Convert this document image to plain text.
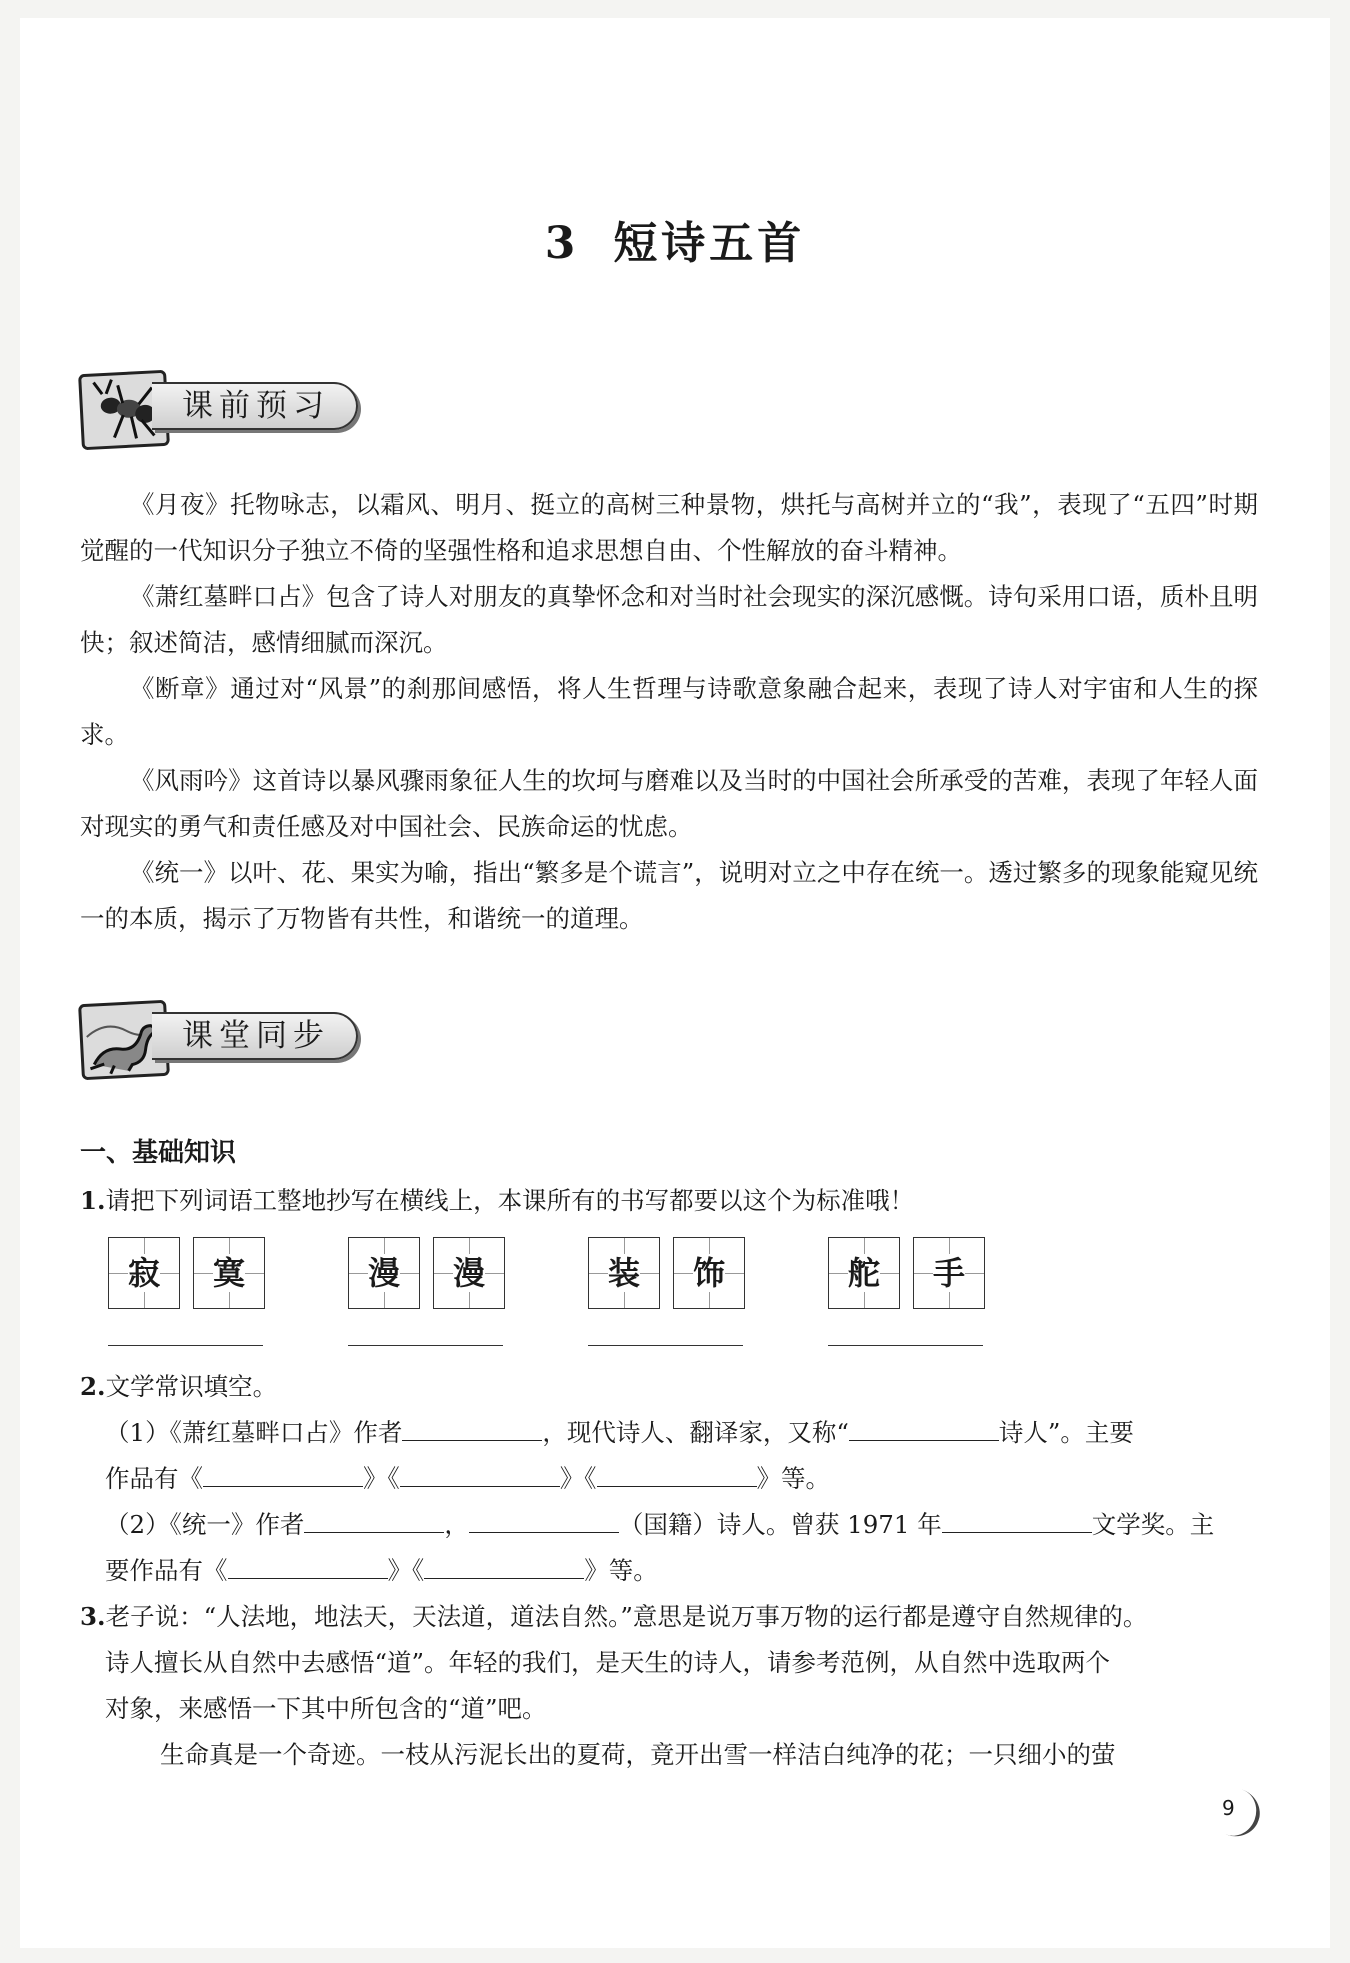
3 短诗五首
课前预习

《月夜》托物咏志，以霜风、明月、挺立的高树三种景物，烘托与高树并立的“我”，表现了“五四”时期觉醒的一代知识分子独立不倚的坚强性格和追求思想自由、个性解放的奋斗精神。

《萧红墓畔口占》包含了诗人对朋友的真挚怀念和对当时社会现实的深沉感慨。诗句采用口语，质朴且明快；叙述简洁，感情细腻而深沉。

《断章》通过对“风景”的刹那间感悟，将人生哲理与诗歌意象融合起来，表现了诗人对宇宙和人生的探求。

《风雨吟》这首诗以暴风骤雨象征人生的坎坷与磨难以及当时的中国社会所承受的苦难，表现了年轻人面对现实的勇气和责任感及对中国社会、民族命运的忧虑。

《统一》以叶、花、果实为喻，指出“繁多是个谎言”，说明对立之中存在统一。透过繁多的现象能窥见统一的本质，揭示了万物皆有共性，和谐统一的道理。

课堂同步
一、基础知识

1.请把下列词语工整地抄写在横线上，本课所有的书写都要以这个为标准哦！

寂	寞	漫	漫	装	饰	舵	手

2.文学常识填空。

（1）《萧红墓畔口占》作者	，现代诗人、翻译家，又称“	诗人”。主要

作品有《	》《	》《	》等。

（2）《统一》作者	，	（国籍）诗人。曾获 1971 年	文学奖。主

要作品有《	》《	》等。

3.老子说：“人法地，地法天，天法道，道法自然。”意思是说万事万物的运行都是遵守自然规律的。

诗人擅长从自然中去感悟“道”。年轻的我们，是天生的诗人，请参考范例，从自然中选取两个

对象，来感悟一下其中所包含的“道”吧。

生命真是一个奇迹。一枝从污泥长出的夏荷，竟开出雪一样洁白纯净的花；一只细小的萤

9
